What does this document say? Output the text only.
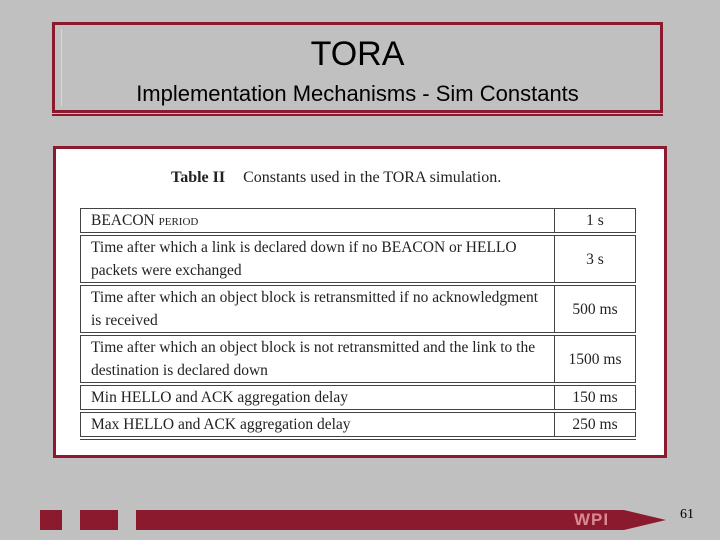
TORA
Implementation Mechanisms - Sim Constants
Table II Constants used in the TORA simulation.
BEACON period	1 s
Time after which a link is declared down if no BEACON or HELLO packets were exchanged	3 s
Time after which an object block is retransmitted if no acknowledgment is received	500 ms
Time after which an object block is not retransmitted and the link to the destination is declared down	1500 ms
Min HELLO and ACK aggregation delay	150 ms
Max HELLO and ACK aggregation delay	250 ms
WPI	61
